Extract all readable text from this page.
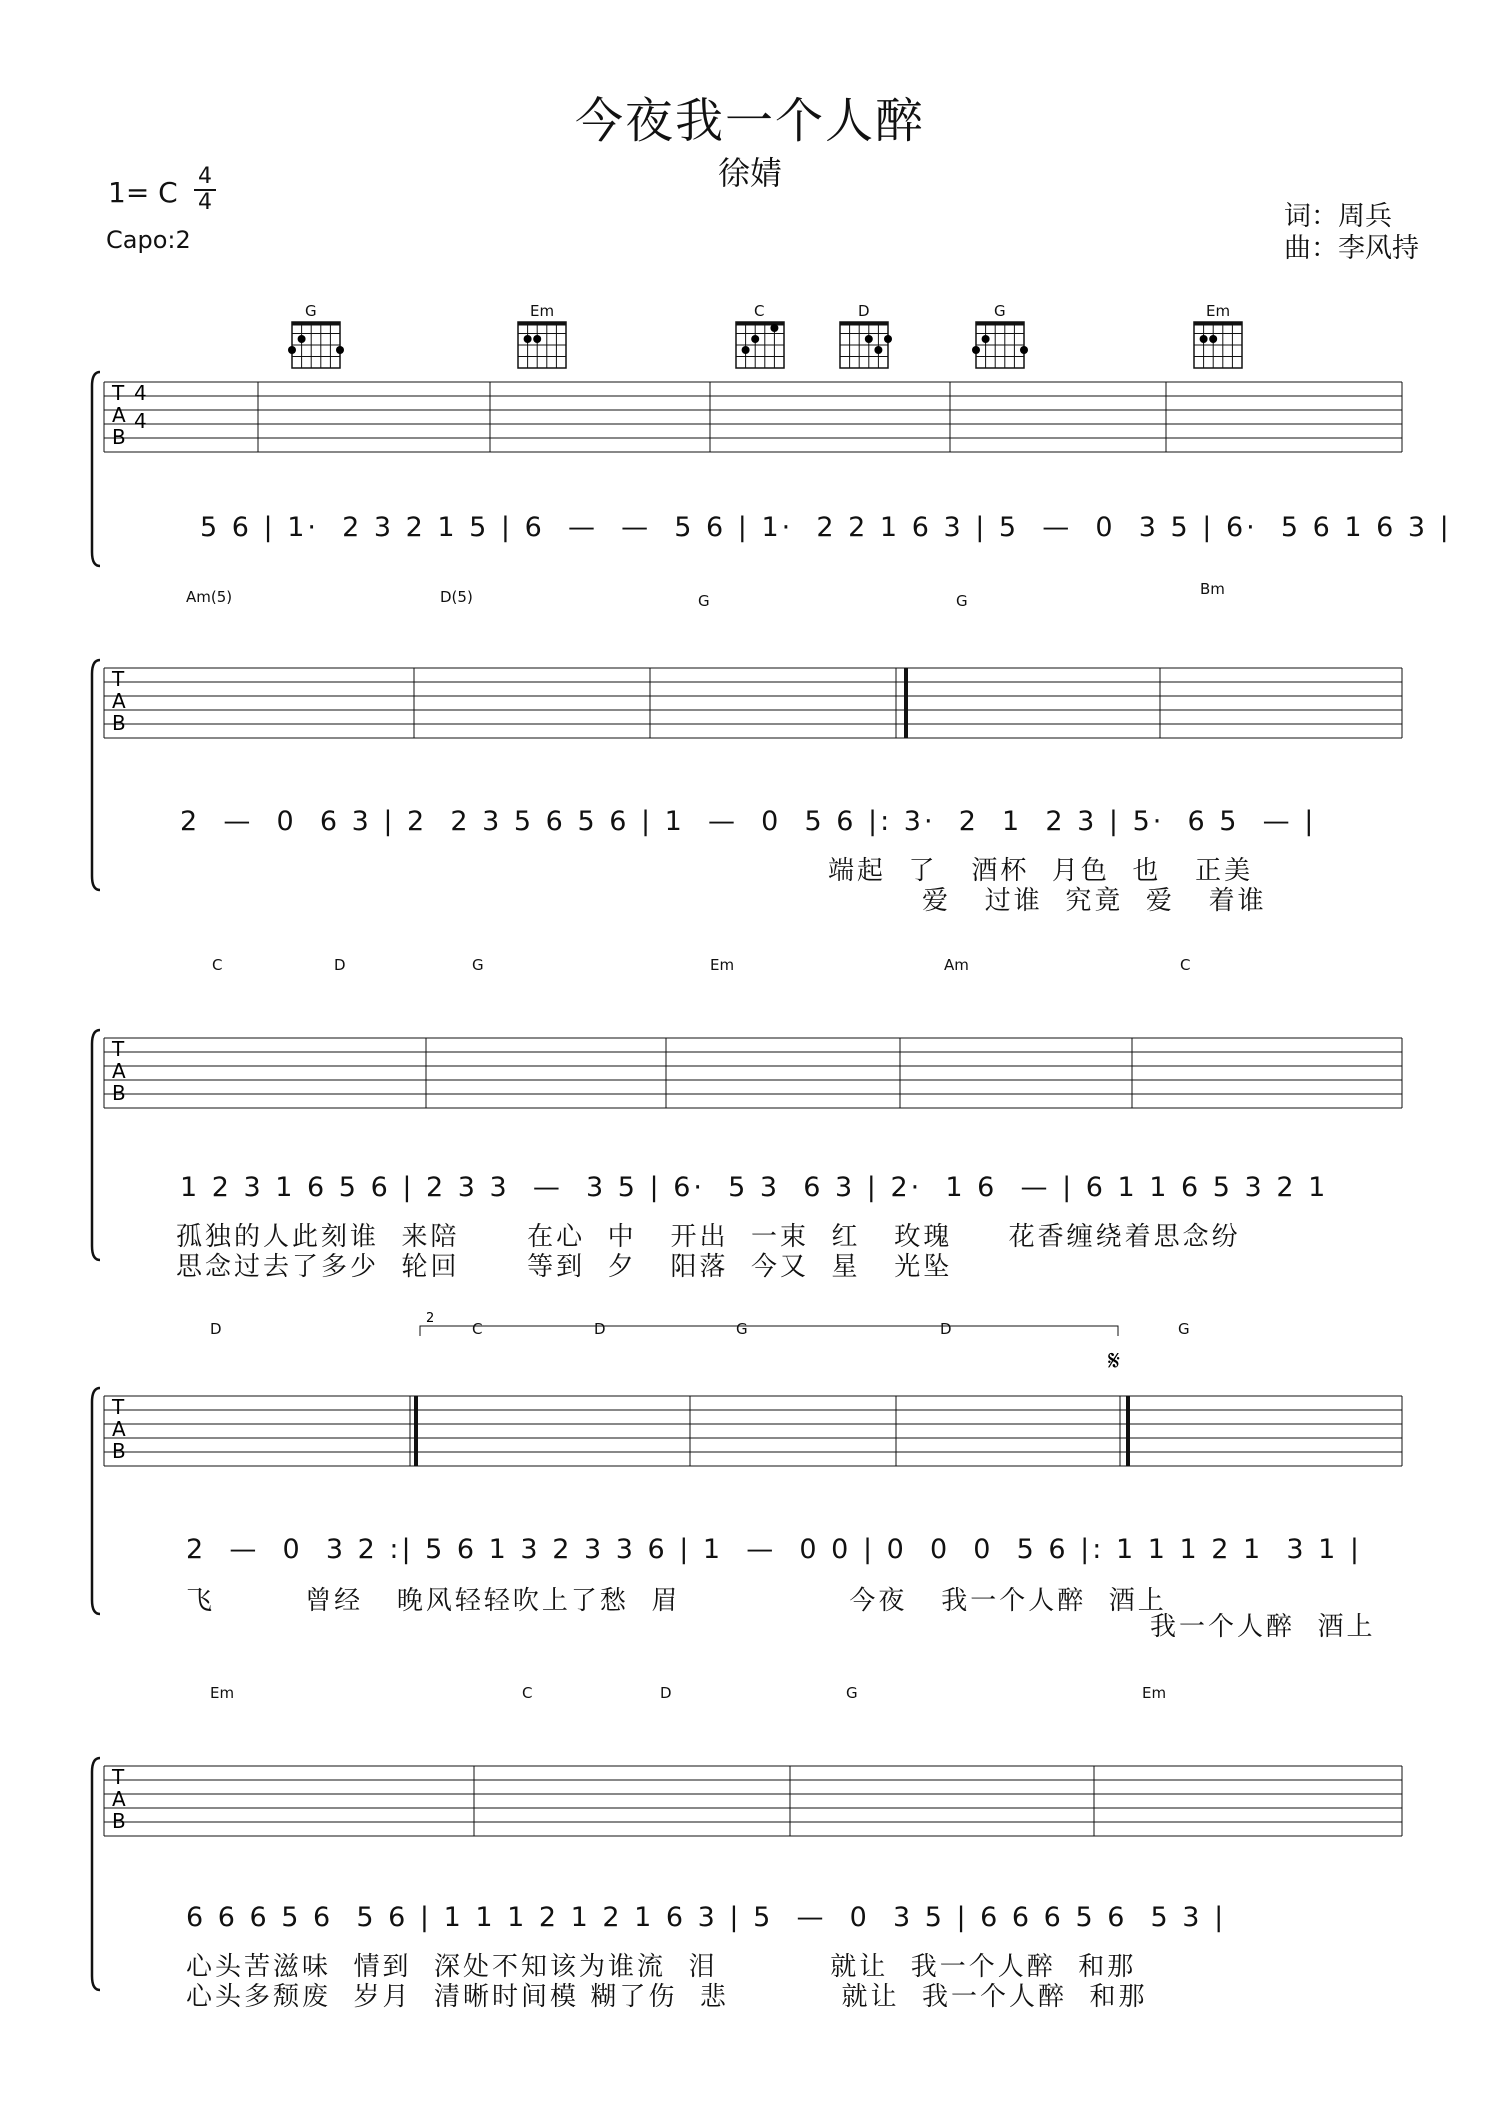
今夜我一个人醉
徐婧
1= C 4
4
Capo:2
词：周兵
曲：李风持
T
A
B
4
4
5 6 | 1·  2 3 2 1 5 | 6  —  —  5 6 | 1·  2 2 1 6 3 | 5  —  0  3 5 | 6·  5 6 1 6 3 |
G	Em	C	D	G	Em
T
A
B
2  —  0  6 3 | 2  2 3 5 6 5 6 | 1  —  0  5 6 |: 3·  2  1  2 3 | 5·  6 5  — |
端起  了   酒杯  月色  也   正美
爱   过谁  究竟  爱   着谁
Am(5)	D(5)	G	G
Bm
T
A
B
1 2 3 1 6 5 6 | 2 3 3  —  3 5 | 6·  5 3  6 3 | 2·  1 6  — | 6 1 1 6 5 3 2 1
孤独的人此刻谁  来陪      在心  中   开出  一束  红   玫瑰     花香缠绕着思念纷
思念过去了多少  轮回      等到  夕   阳落  今又  星   光坠
C	D	G	Em	Am	C
T
A
B
2
𝄋
2  —  0  3 2 :| 5 6 1 3 2 3 3 6 | 1  —  0 0 | 0  0  0  5 6 |: 1 1 1 2 1  3 1 |
飞        曾经   晚风轻轻吹上了愁  眉               今夜   我一个人醉  酒上
我一个人醉  酒上
D	C	D	G	D	G
T
A
B
6 6 6 5 6  5 6 | 1 1 1 2 1 2 1 6 3 | 5  —  0  3 5 | 6 6 6 5 6  5 3 |
心头苦滋味  情到  深处不知该为谁流  泪          就让  我一个人醉  和那
心头多颓废  岁月  清晰时间模 糊了伤  悲          就让  我一个人醉  和那
Em	C	D	G	Em
